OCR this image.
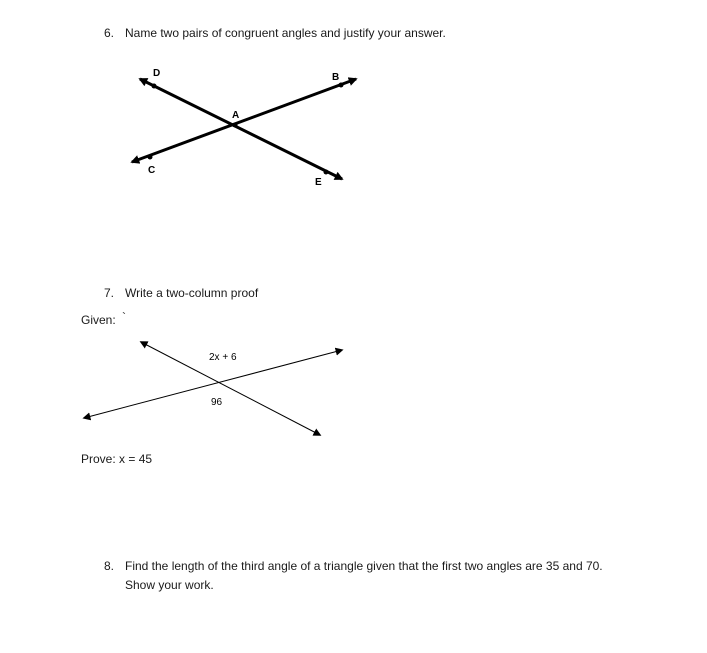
6. Name two pairs of congruent angles and justify your answer.
D	B
A
C
E
2x + 6
96
7. Write a two-column proof
Given: `
Prove: x = 45
8. Find the length of the third angle of a triangle given that the first two angles are 35 and 70.
Show your work.
